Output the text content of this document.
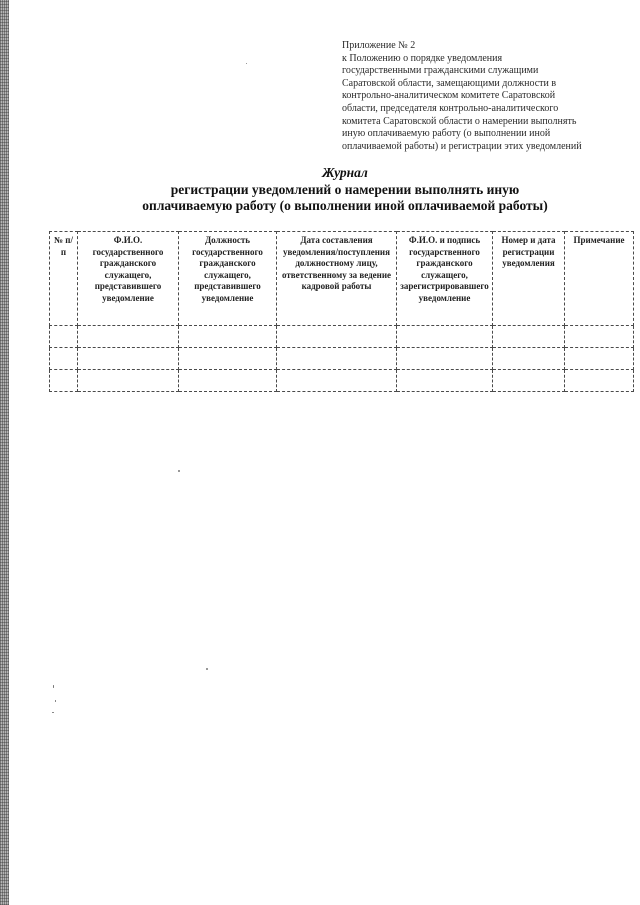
Приложение № 2
к Положению о порядке уведомления
государственными гражданскими служащими
Саратовской области, замещающими должности в
контрольно-аналитическом комитете Саратовской
области, председателя контрольно-аналитического
комитета Саратовской области о намерении выполнять
иную оплачиваемую работу (о выполнении иной
оплачиваемой работы) и регистрации этих уведомлений
Журнал
регистрации уведомлений о намерении выполнять иную
оплачиваемую работу (о выполнении иной оплачиваемой работы)
№ п/п	Ф.И.О. государственного гражданского служащего, представившего уведомление	Должность государственного гражданского служащего, представившего уведомление	Дата составления уведомления/поступления должностному лицу, ответственному за ведение кадровой работы	Ф.И.О. и подпись государственного гражданского служащего, зарегистрировавшего уведомление	Номер и дата регистрации уведомления	Примечание
